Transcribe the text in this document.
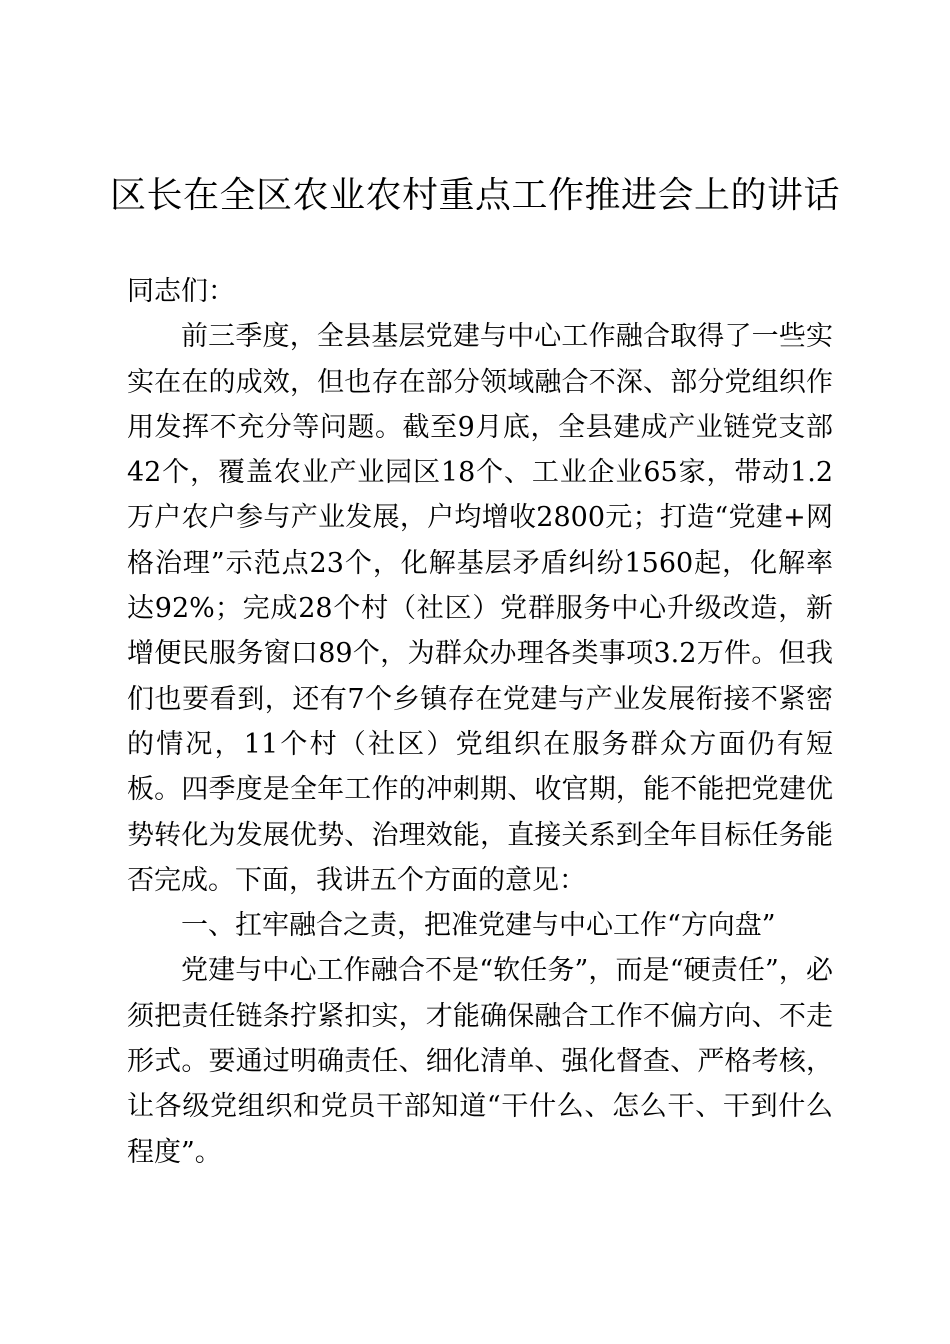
区长在全区农业农村重点工作推进会上的讲话

同志们：

前三季度，全县基层党建与中心工作融合取得了一些实实在在的成效，但也存在部分领域融合不深、部分党组织作用发挥不充分等问题。截至9月底，全县建成产业链党支部42个，覆盖农业产业园区18个、工业企业65家，带动1.2万户农户参与产业发展，户均增收2800元；打造“党建+网格治理”示范点23个，化解基层矛盾纠纷1560起，化解率达92%；完成28个村（社区）党群服务中心升级改造，新增便民服务窗口89个，为群众办理各类事项3.2万件。但我们也要看到，还有7个乡镇存在党建与产业发展衔接不紧密的情况，11个村（社区）党组织在服务群众方面仍有短板。四季度是全年工作的冲刺期、收官期，能不能把党建优势转化为发展优势、治理效能，直接关系到全年目标任务能否完成。下面，我讲五个方面的意见：

一、扛牢融合之责，把准党建与中心工作“方向盘”

党建与中心工作融合不是“软任务”，而是“硬责任”，必须把责任链条拧紧扣实，才能确保融合工作不偏方向、不走形式。要通过明确责任、细化清单、强化督查、严格考核，让各级党组织和党员干部知道“干什么、怎么干、干到什么程度”。
